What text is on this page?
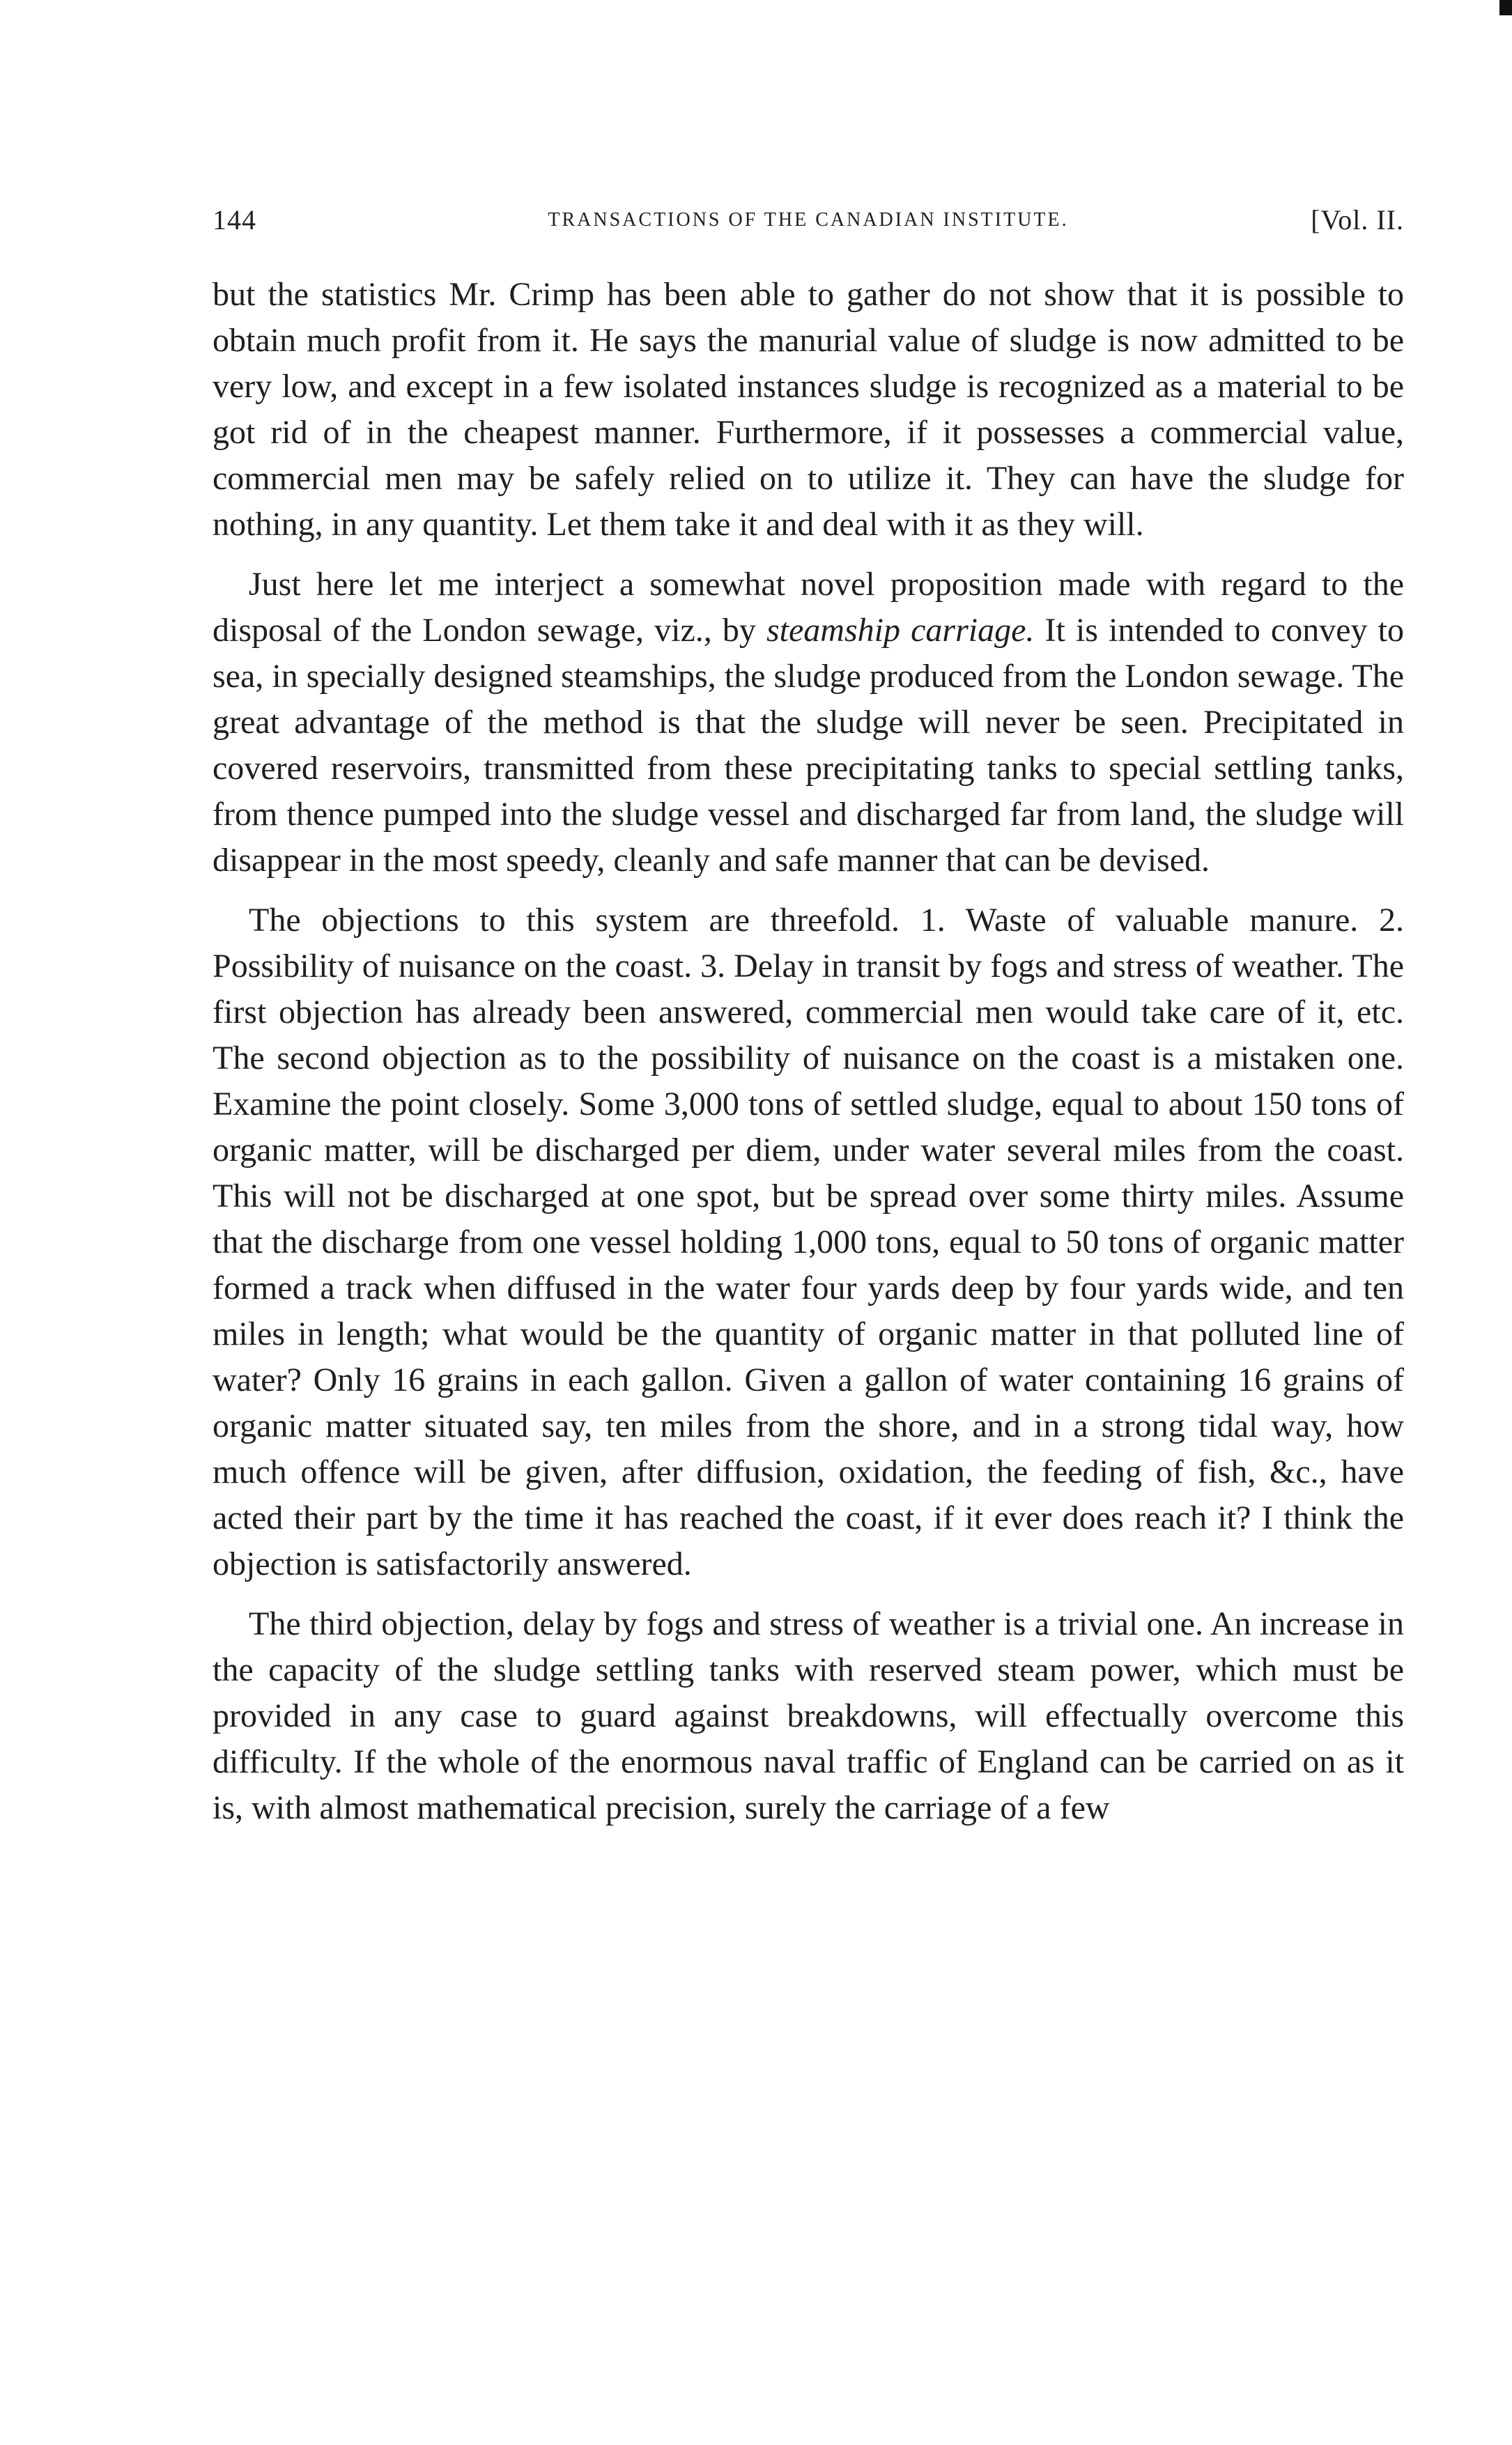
144	TRANSACTIONS OF THE CANADIAN INSTITUTE.	[Vol. II.

but the statistics Mr. Crimp has been able to gather do not show that it is possible to obtain much profit from it. He says the manurial value of sludge is now admitted to be very low, and except in a few isolated instances sludge is recognized as a material to be got rid of in the cheapest manner. Furthermore, if it possesses a commercial value, commercial men may be safely relied on to utilize it. They can have the sludge for nothing, in any quantity. Let them take it and deal with it as they will.

Just here let me interject a somewhat novel proposition made with regard to the disposal of the London sewage, viz., by steamship carriage. It is intended to convey to sea, in specially designed steamships, the sludge produced from the London sewage. The great advantage of the method is that the sludge will never be seen. Precipitated in covered reservoirs, transmitted from these precipitating tanks to special settling tanks, from thence pumped into the sludge vessel and discharged far from land, the sludge will disappear in the most speedy, cleanly and safe manner that can be devised.

The objections to this system are threefold. 1. Waste of valuable manure. 2. Possibility of nuisance on the coast. 3. Delay in transit by fogs and stress of weather. The first objection has already been answered, commercial men would take care of it, etc. The second objection as to the possibility of nuisance on the coast is a mistaken one. Examine the point closely. Some 3,000 tons of settled sludge, equal to about 150 tons of organic matter, will be discharged per diem, under water several miles from the coast. This will not be discharged at one spot, but be spread over some thirty miles. Assume that the discharge from one vessel holding 1,000 tons, equal to 50 tons of organic matter formed a track when diffused in the water four yards deep by four yards wide, and ten miles in length; what would be the quantity of organic matter in that polluted line of water? Only 16 grains in each gallon. Given a gallon of water containing 16 grains of organic matter situated say, ten miles from the shore, and in a strong tidal way, how much offence will be given, after diffusion, oxidation, the feeding of fish, &c., have acted their part by the time it has reached the coast, if it ever does reach it? I think the objection is satisfactorily answered.

The third objection, delay by fogs and stress of weather is a trivial one. An increase in the capacity of the sludge settling tanks with reserved steam power, which must be provided in any case to guard against breakdowns, will effectually overcome this difficulty. If the whole of the enormous naval traffic of England can be carried on as it is, with almost mathematical precision, surely the carriage of a few
